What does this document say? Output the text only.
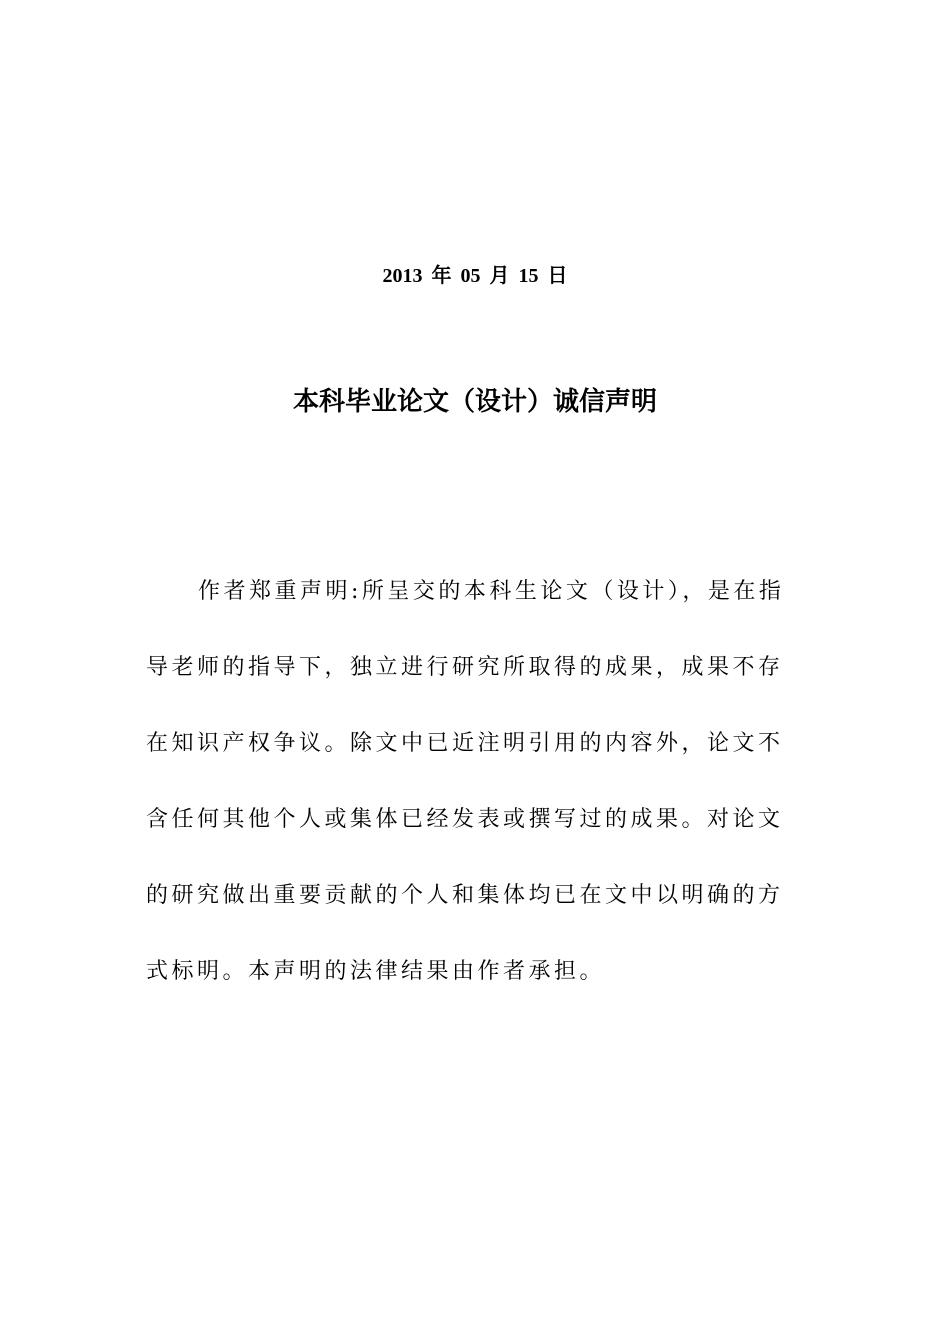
2013 年 05 月 15 日
本科毕业论文（设计）诚信声明
作者郑重声明:所呈交的本科生论文（设计），是在指
导老师的指导下，独立进行研究所取得的成果，成果不存
在知识产权争议。除文中已近注明引用的内容外，论文不
含任何其他个人或集体已经发表或撰写过的成果。对论文
的研究做出重要贡献的个人和集体均已在文中以明确的方
式标明。本声明的法律结果由作者承担。
